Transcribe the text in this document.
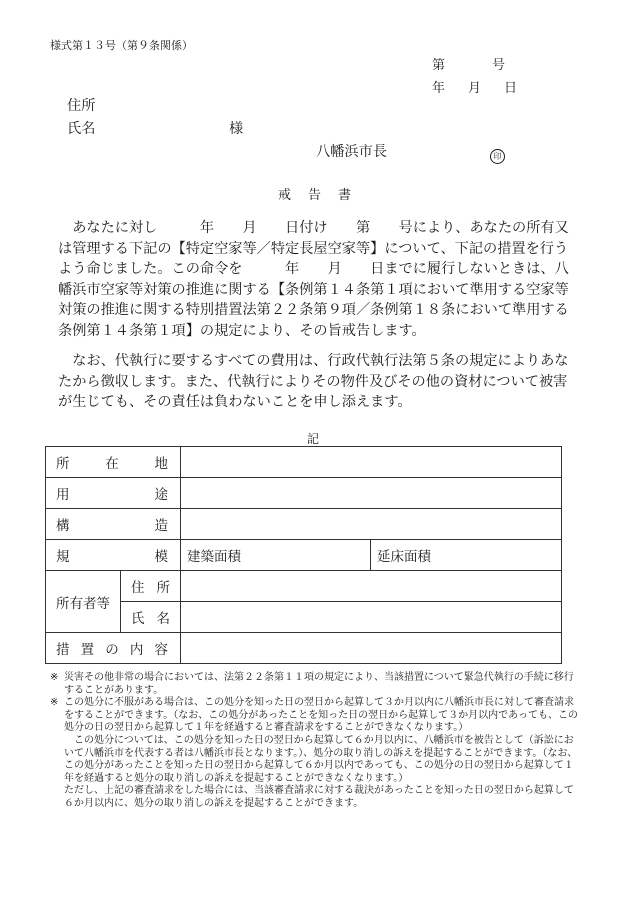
様式第１３号（第９条関係）
第　　　号
年　月　日
住所
氏名	様
八幡浜市長	印
戒　告　書
　あなたに対し　　　年　　月　　日付け　　第　　号により、あなたの所有又は管理する下記の【特定空家等／特定長屋空家等】について、下記の措置を行うよう命じました。この命令を　　　年　　月　　日までに履行しないときは、八幡浜市空家等対策の推進に関する【条例第１４条第１項において準用する空家等対策の推進に関する特別措置法第２２条第９項／条例第１８条において準用する条例第１４条第１項】の規定により、その旨戒告します。
　なお、代執行に要するすべての費用は、行政代執行法第５条の規定によりあなたから徴収します。また、代執行によりその物件及びその他の資材について被害が生じても、その責任は負わないことを申し添えます。
記
所在地			

用途			

構造			

規模		建築面積	延床面積
所有者等	住所		

	氏名		

措置の内容			

※ 災害その他非常の場合においては、法第２２条第１１項の規定により、当該措置について緊急代執行の手続に移行することがあります。

※ この処分に不服がある場合は、この処分を知った日の翌日から起算して３か月以内に八幡浜市長に対して審査請求をすることができます。（なお、この処分があったことを知った日の翌日から起算して３か月以内であっても、この処分の日の翌日から起算して１年を経過すると審査請求をすることができなくなります。）

この処分については、この処分を知った日の翌日から起算して６か月以内に、八幡浜市を被告として（訴訟において八幡浜市を代表する者は八幡浜市長となります。）、処分の取り消しの訴えを提起することができます。（なお、この処分があったことを知った日の翌日から起算して６か月以内であっても、この処分の日の翌日から起算して１年を経過すると処分の取り消しの訴えを提起することができなくなります。）

ただし、上記の審査請求をした場合には、当該審査請求に対する裁決があったことを知った日の翌日から起算して６か月以内に、処分の取り消しの訴えを提起することができます。
